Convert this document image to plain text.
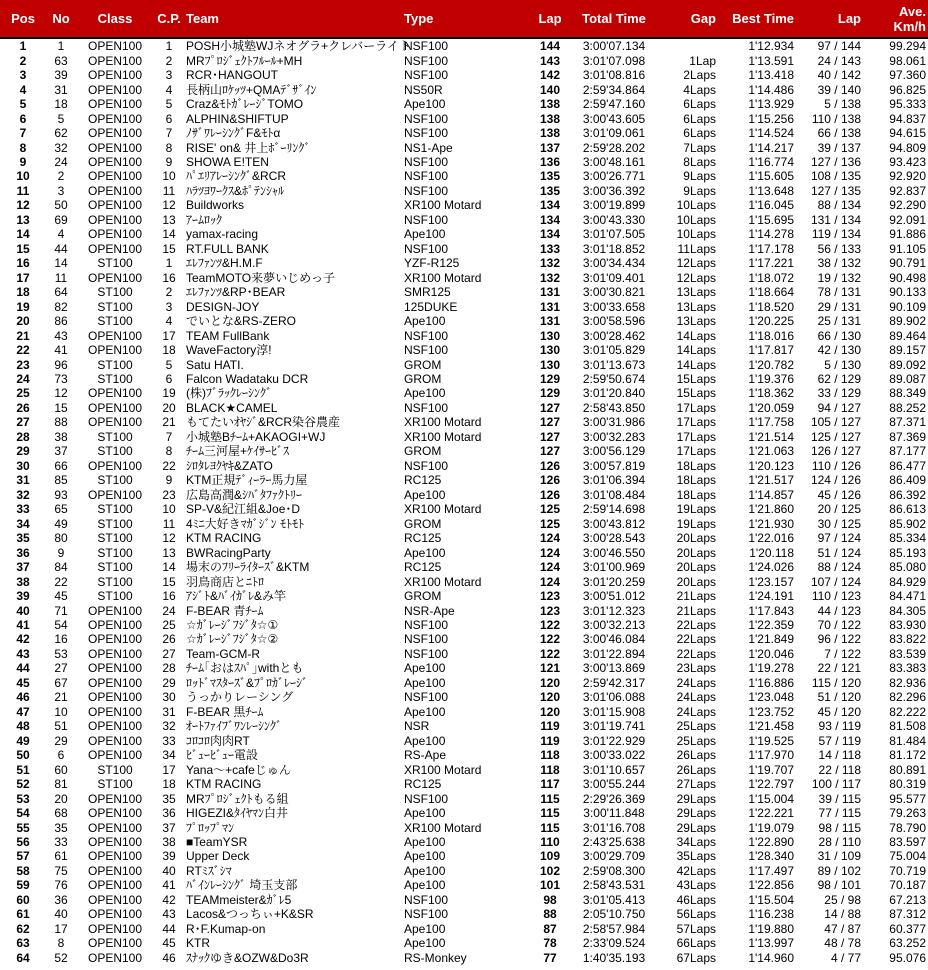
Pos	No	Class	C.P.	Team	Type	Lap	Total Time	Gap	Best Time	Lap	Ave.
Km/h
1	1	OPEN100	1	POSH小城塾WJネオグラ+クレバーライト	NSF100	144	3:00'07.134		1'12.934	97 / 144	99.294
2	63	OPEN100	2	MRﾌﾟﾛｼﾞｪｸﾄﾌﾙｰﾙ+MH	NSF100	143	3:01'07.098	1Lap	1'13.591	24 / 143	98.061
3	39	OPEN100	3	RCR･HANGOUT	NSF100	142	3:01'08.816	2Laps	1'13.418	40 / 142	97.360
4	31	OPEN100	4	長柄山ﾛｹｯﾂ+QMAﾃﾞｻﾞｲﾝ	NS50R	140	2:59'34.864	4Laps	1'14.486	39 / 140	96.825
5	18	OPEN100	5	Craz&ﾓﾄｶﾞﾚｰｼﾞTOMO	Ape100	138	2:59'47.160	6Laps	1'13.929	5 / 138	95.333
6	5	OPEN100	6	ALPHIN&SHIFTUP	NSF100	138	3:00'43.605	6Laps	1'15.256	110 / 138	94.837
7	62	OPEN100	7	ﾉｻﾞﾜﾚｰｼﾝｸﾞF&ﾓﾄα	NSF100	138	3:01'09.061	6Laps	1'14.524	66 / 138	94.615
8	32	OPEN100	8	RISE' on& 井上ﾎﾞｰﾘﾝｸﾞ	NS1-Ape	137	2:59'28.202	7Laps	1'14.217	39 / 137	94.809
9	24	OPEN100	9	SHOWA E!TEN	NSF100	136	3:00'48.161	8Laps	1'16.774	127 / 136	93.423
10	2	OPEN100	10	ﾊﾟｴﾘｱﾚｰｼﾝｸﾞ&RCR	NSF100	135	3:00'26.771	9Laps	1'15.605	108 / 135	92.920
11	3	OPEN100	11	ﾊﾗﾂﾖﾜｰｸｽ&ﾎﾟﾃﾝｼｬﾙ	NSF100	135	3:00'36.392	9Laps	1'13.648	127 / 135	92.837
12	50	OPEN100	12	Buildworks	XR100 Motard	134	3:00'19.899	10Laps	1'16.045	88 / 134	92.290
13	69	OPEN100	13	ｱｰﾑﾛｯｸ	NSF100	134	3:00'43.330	10Laps	1'15.695	131 / 134	92.091
14	4	OPEN100	14	yamax-racing	Ape100	134	3:01'07.505	10Laps	1'14.278	119 / 134	91.886
15	44	OPEN100	15	RT.FULL BANK	NSF100	133	3:01'18.852	11Laps	1'17.178	56 / 133	91.105
16	14	ST100	1	ｴﾚﾌｧﾝﾂ&H.M.F	YZF-R125	132	3:00'34.434	12Laps	1'17.221	38 / 132	90.791
17	11	OPEN100	16	TeamMOTO来夢いじめっ子	XR100 Motard	132	3:01'09.401	12Laps	1'18.072	19 / 132	90.498
18	64	ST100	2	ｴﾚﾌｧﾝﾂ&RP･BEAR	SMR125	131	3:00'30.821	13Laps	1'18.664	78 / 131	90.133
19	82	ST100	3	DESIGN-JOY	125DUKE	131	3:00'33.658	13Laps	1'18.520	29 / 131	90.109
20	86	ST100	4	でいとな&RS-ZERO	Ape100	131	3:00'58.596	13Laps	1'20.225	25 / 131	89.902
21	43	OPEN100	17	TEAM FullBank	NSF100	130	3:00'28.462	14Laps	1'18.016	66 / 130	89.464
22	41	OPEN100	18	WaveFactory淳!	NSF100	130	3:01'05.829	14Laps	1'17.817	42 / 130	89.157
23	96	ST100	5	Satu HATI.	GROM	130	3:01'13.673	14Laps	1'20.782	5 / 130	89.092
24	73	ST100	6	Falcon Wadataku DCR	GROM	129	2:59'50.674	15Laps	1'19.376	62 / 129	89.087
25	12	OPEN100	19	(株)ﾌﾞﾗｯｸﾚｰｼﾝｸﾞ	Ape100	129	3:01'20.840	15Laps	1'18.362	33 / 129	88.349
26	15	OPEN100	20	BLACK★CAMEL	NSF100	127	2:58'43.850	17Laps	1'20.059	94 / 127	88.252
27	88	OPEN100	21	もてたいｵﾔｼﾞ&RCR染谷農産	XR100 Motard	127	3:00'31.986	17Laps	1'17.758	105 / 127	87.371
28	38	ST100	7	小城塾Bﾁｰﾑ+AKAOGI+WJ	XR100 Motard	127	3:00'32.283	17Laps	1'21.514	125 / 127	87.369
29	37	ST100	8	ﾁｰﾑ三河屋+ｹｲｻｰﾋﾞｽ	GROM	127	3:00'56.129	17Laps	1'21.063	126 / 127	87.177
30	66	OPEN100	22	ｼﾛﾀﾚﾖｸﾔｷ&ZATO	NSF100	126	3:00'57.819	18Laps	1'20.123	110 / 126	86.477
31	85	ST100	9	KTM正規ﾃﾞｨｰﾗｰ馬力屋	RC125	126	3:01'06.394	18Laps	1'21.517	124 / 126	86.409
32	93	OPEN100	23	広島高潤&ｼﾊﾞﾀﾌｧｸﾄﾘｰ	Ape100	126	3:01'08.484	18Laps	1'14.857	45 / 126	86.392
33	65	ST100	10	SP-V&紀江組&Joe･D	XR100 Motard	125	2:59'14.698	19Laps	1'21.860	20 / 125	86.613
34	49	ST100	11	4ﾐﾆ大好きﾏｶﾞｼﾞﾝ ﾓﾄﾓﾄ	GROM	125	3:00'43.812	19Laps	1'21.930	30 / 125	85.902
35	80	ST100	12	KTM RACING	RC125	124	3:00'28.543	20Laps	1'22.016	97 / 124	85.334
36	9	ST100	13	BWRacingParty	Ape100	124	3:00'46.550	20Laps	1'20.118	51 / 124	85.193
37	84	ST100	14	場末のﾌﾘｰﾗｲﾀｰｽﾞ&KTM	RC125	124	3:01'00.969	20Laps	1'24.026	88 / 124	85.080
38	22	ST100	15	羽鳥商店とﾆﾄﾛ	XR100 Motard	124	3:01'20.259	20Laps	1'23.157	107 / 124	84.929
39	45	ST100	16	ｱｼﾞﾄ&ﾊﾞｲｶﾞﾚ&み竿	GROM	123	3:00'51.012	21Laps	1'24.191	110 / 123	84.471
40	71	OPEN100	24	F-BEAR 青ﾁｰﾑ	NSR-Ape	123	3:01'12.323	21Laps	1'17.843	44 / 123	84.305
41	54	OPEN100	25	☆ｶﾞﾚｰｼﾞﾌｼﾞﾀ☆①	NSF100	122	3:00'32.213	22Laps	1'22.359	70 / 122	83.930
42	16	OPEN100	26	☆ｶﾞﾚｰｼﾞﾌｼﾞﾀ☆②	NSF100	122	3:00'46.084	22Laps	1'21.849	96 / 122	83.822
43	53	OPEN100	27	Team-GCM-R	NSF100	122	3:01'22.894	22Laps	1'20.046	7 / 122	83.539
44	27	OPEN100	28	ﾁｰﾑ｢おはｽﾊﾟ｣withとも	Ape100	121	3:00'13.869	23Laps	1'19.278	22 / 121	83.383
45	67	OPEN100	29	ﾛｯﾄﾞﾏｽﾀｰｽﾞ&ﾌﾟﾛｶﾞﾚｰｼﾞ	Ape100	120	2:59'42.317	24Laps	1'16.886	115 / 120	82.936
46	21	OPEN100	30	うっかりレーシング	NSF100	120	3:01'06.088	24Laps	1'23.048	51 / 120	82.296
47	10	OPEN100	31	F-BEAR 黒ﾁｰﾑ	Ape100	120	3:01'15.908	24Laps	1'23.752	45 / 120	82.222
48	51	OPEN100	32	ｵｰﾄﾌｧｲﾌﾞﾜﾝﾚｰｼﾝｸﾞ	NSR	119	3:01'19.741	25Laps	1'21.458	93 / 119	81.508
49	29	OPEN100	33	ｺﾛｺﾛ肉肉RT	Ape100	119	3:01'22.929	25Laps	1'19.525	57 / 119	81.484
50	6	OPEN100	34	ﾋﾞｭｰﾋﾞｭｰ電設	RS-Ape	118	3:00'33.022	26Laps	1'17.970	14 / 118	81.172
51	60	ST100	17	Yana～+cafeじゅん	XR100 Motard	118	3:01'10.657	26Laps	1'19.707	22 / 118	80.891
52	81	ST100	18	KTM RACING	RC125	117	3:00'55.244	27Laps	1'22.797	100 / 117	80.319
53	20	OPEN100	35	MRﾌﾟﾛｼﾞｪｸﾄもる組	NSF100	115	2:29'26.369	29Laps	1'15.004	39 / 115	95.577
54	68	OPEN100	36	HIGEZI&ﾀｲﾔﾏﾝ白井	Ape100	115	3:00'11.848	29Laps	1'22.221	77 / 115	79.263
55	35	OPEN100	37	ﾌﾟﾛｯﾌﾟﾏﾝ	XR100 Motard	115	3:01'16.708	29Laps	1'19.079	98 / 115	78.790
56	33	OPEN100	38	■TeamYSR	Ape100	110	2:43'25.638	34Laps	1'22.890	28 / 110	83.597
57	61	OPEN100	39	Upper Deck	Ape100	109	3:00'29.709	35Laps	1'28.340	31 / 109	75.004
58	75	OPEN100	40	RTﾐｽﾞｼﾏ	Ape100	102	2:59'08.300	42Laps	1'17.497	89 / 102	70.719
59	76	OPEN100	41	ﾊﾞｲﾝﾚｰｼﾝｸﾞ 埼玉支部	Ape100	101	2:58'43.531	43Laps	1'22.856	98 / 101	70.187
60	36	OPEN100	42	TEAMmeister&ｶﾞﾚ5	NSF100	98	3:01'05.413	46Laps	1'15.504	25 / 98	67.213
61	40	OPEN100	43	Lacos&つっちぃ+K&SR	NSF100	88	2:05'10.750	56Laps	1'16.238	14 / 88	87.312
62	17	OPEN100	44	R･F.Kumap-on	Ape100	87	2:58'57.984	57Laps	1'19.880	47 / 87	60.377
63	8	OPEN100	45	KTR	Ape100	78	2:33'09.524	66Laps	1'13.997	48 / 78	63.252
64	52	OPEN100	46	ｽﾅｯｸゆき&OZW&Do3R	RS-Monkey	77	1:40'35.193	67Laps	1'14.960	4 / 77	95.076
